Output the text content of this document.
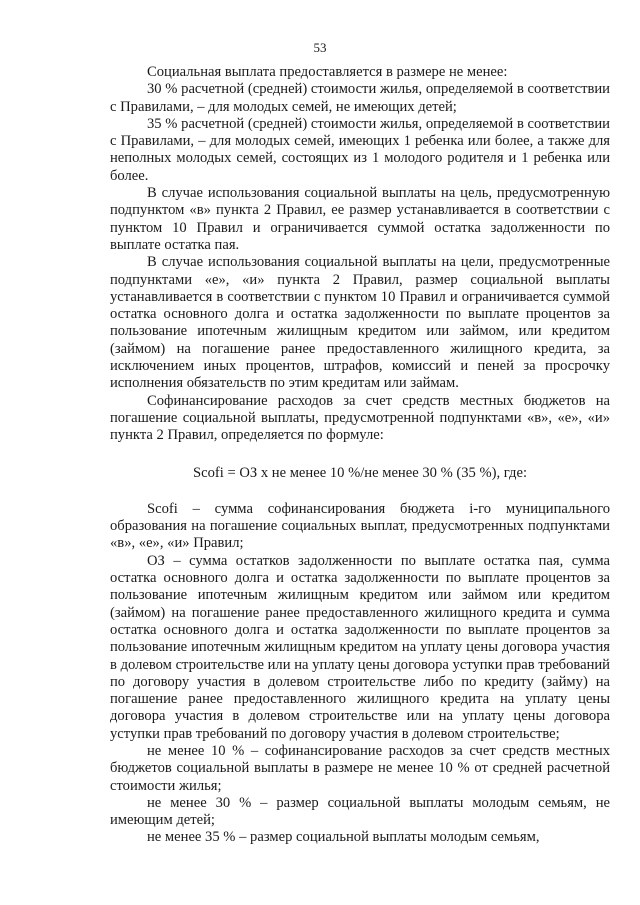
53

Социальная выплата предоставляется в размере не менее:

30 % расчетной (средней) стоимости жилья, определяемой в соответствии с Правилами, – для молодых семей, не имеющих детей;

35 % расчетной (средней) стоимости жилья, определяемой в соответствии с Правилами, – для молодых семей, имеющих 1 ребенка или более, а также для неполных молодых семей, состоящих из 1 молодого родителя и 1 ребенка или более.

В случае использования социальной выплаты на цель, предусмотренную подпунктом «в» пункта 2 Правил, ее размер устанавливается в соответствии с пунктом 10 Правил и ограничивается суммой остатка задолженности по выплате остатка пая.

В случае использования социальной выплаты на цели, предусмотренные подпунктами «е», «и» пункта 2 Правил, размер социальной выплаты устанавливается в соответствии с пунктом 10 Правил и ограничивается суммой остатка основного долга и остатка задолженности по выплате процентов за пользование ипотечным жилищным кредитом или займом, или кредитом (займом) на погашение ранее предоставленного жилищного кредита, за исключением иных процентов, штрафов, комиссий и пеней за просрочку исполнения обязательств по этим кредитам или займам.

Софинансирование расходов за счет средств местных бюджетов на погашение социальной выплаты, предусмотренной подпунктами «в», «е», «и» пункта 2 Правил, определяется по формуле:

Scofi = ОЗ х не менее 10 %/не менее 30 % (35 %), где:

Scofi – сумма софинансирования бюджета i-го муниципального образования на погашение социальных выплат, предусмотренных подпунктами «в», «е», «и» Правил;

ОЗ – сумма остатков задолженности по выплате остатка пая, сумма остатка основного долга и остатка задолженности по выплате процентов за пользование ипотечным жилищным кредитом или займом или кредитом (займом) на погашение ранее предоставленного жилищного кредита и сумма остатка основного долга и остатка задолженности по выплате процентов за пользование ипотечным жилищным кредитом на уплату цены договора участия в долевом строительстве или на уплату цены договора уступки прав требований по договору участия в долевом строительстве либо по кредиту (займу) на погашение ранее предоставленного жилищного кредита на уплату цены договора участия в долевом строительстве или на уплату цены договора уступки прав требований по договору участия в долевом строительстве;

не менее 10 % – софинансирование расходов за счет средств местных бюджетов социальной выплаты в размере не менее 10 % от средней расчетной стоимости жилья;

не менее 30 % – размер социальной выплаты молодым семьям, не имеющим детей;

не менее 35 % – размер социальной выплаты молодым семьям,
